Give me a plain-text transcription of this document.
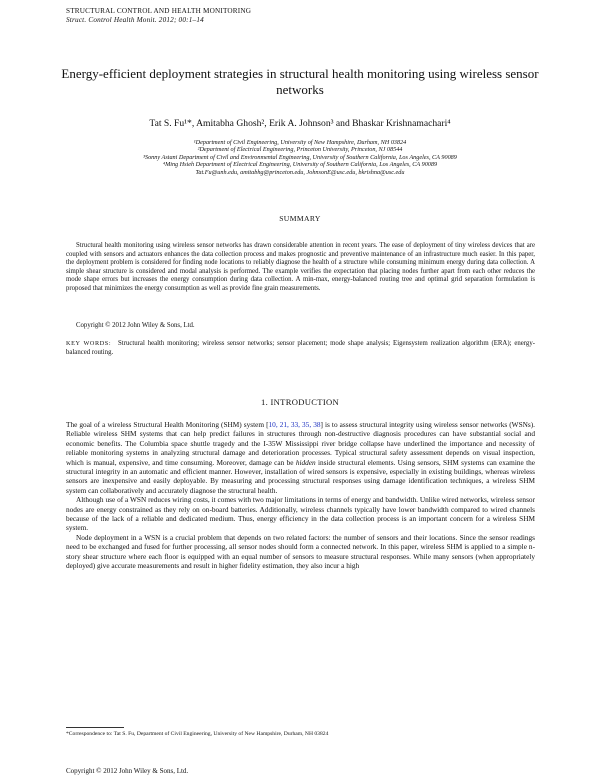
STRUCTURAL CONTROL AND HEALTH MONITORING
Struct. Control Health Monit. 2012; 00:1–14
Energy-efficient deployment strategies in structural health monitoring using wireless sensor networks
Tat S. Fu¹*, Amitabha Ghosh², Erik A. Johnson³ and Bhaskar Krishnamachari⁴
¹Department of Civil Engineering, University of New Hampshire, Durham, NH 03824
²Department of Electrical Engineering, Princeton University, Princeton, NJ 08544
³Sonny Astani Department of Civil and Environmental Engineering, University of Southern California, Los Angeles, CA 90089
⁴Ming Hsieh Department of Electrical Engineering, University of Southern California, Los Angeles, CA 90089
Tat.Fu@unh.edu, amitabhg@princeton.edu, JohnsonE@usc.edu, bkrishna@usc.edu
SUMMARY
Structural health monitoring using wireless sensor networks has drawn considerable attention in recent years. The ease of deployment of tiny wireless devices that are coupled with sensors and actuators enhances the data collection process and makes prognostic and preventive maintenance of an infrastructure much easier. In this paper, the deployment problem is considered for finding node locations to reliably diagnose the health of a structure while consuming minimum energy during data collection. A simple shear structure is considered and modal analysis is performed. The example verifies the expectation that placing nodes further apart from each other reduces the mode shape errors but increases the energy consumption during data collection. A min-max, energy-balanced routing tree and optimal grid separation formulation is proposed that minimizes the energy consumption as well as provide fine grain measurements.
Copyright © 2012 John Wiley & Sons, Ltd.
KEY WORDS: Structural health monitoring; wireless sensor networks; sensor placement; mode shape analysis; Eigensystem realization algorithm (ERA); energy-balanced routing.
1. INTRODUCTION

The goal of a wireless Structural Health Monitoring (SHM) system [10, 21, 33, 35, 38] is to assess structural integrity using wireless sensor networks (WSNs). Reliable wireless SHM systems that can help predict failures in structures through non-destructive diagnosis procedures can have substantial social and economic benefits. The Columbia space shuttle tragedy and the I-35W Mississippi river bridge collapse have underlined the importance and necessity of reliable monitoring systems in analyzing structural damage and deterioration processes. Typical structural safety assessment depends on visual inspection, which is manual, expensive, and time consuming. Moreover, damage can be hidden inside structural elements. Using sensors, SHM systems can examine the structural integrity in an automatic and efficient manner. However, installation of wired sensors is expensive, especially in existing buildings, whereas wireless sensors are inexpensive and easily deployable. By measuring and processing structural responses using damage identification techniques, a wireless SHM system can collaboratively and accurately diagnose the structural health.

Although use of a WSN reduces wiring costs, it comes with two major limitations in terms of energy and bandwidth. Unlike wired networks, wireless sensor nodes are energy constrained as they rely on on-board batteries. Additionally, wireless channels typically have lower bandwidth compared to wired channels because of the lack of a reliable and dedicated medium. Thus, energy efficiency in the data collection process is an important concern for a wireless SHM system.

Node deployment in a WSN is a crucial problem that depends on two related factors: the number of sensors and their locations. Since the sensor readings need to be exchanged and fused for further processing, all sensor nodes should form a connected network. In this paper, wireless SHM is applied to a simple n-story shear structure where each floor is equipped with an equal number of sensors to measure structural responses. While many sensors (when appropriately deployed) give accurate measurements and result in higher fidelity estimation, they also incur a high

*Correspondence to: Tat S. Fu, Department of Civil Engineering, University of New Hampshire, Durham, NH 03824
Copyright © 2012 John Wiley & Sons, Ltd.
